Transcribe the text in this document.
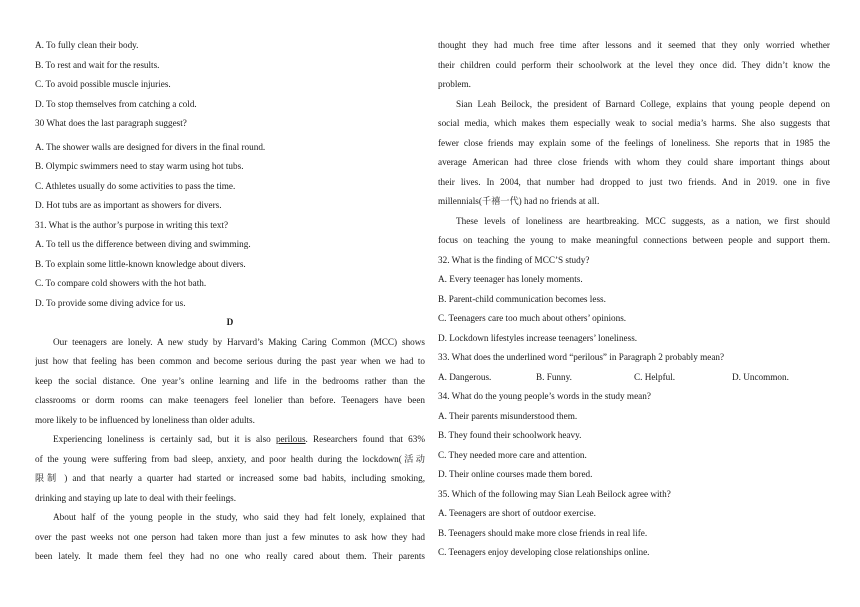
A. To fully clean their body.
B. To rest and wait for the results.
C. To avoid possible muscle injuries.
D. To stop themselves from catching a cold.
30 What does the last paragraph suggest?
A. The shower walls are designed for divers in the final round.
B. Olympic swimmers need to stay warm using hot tubs.
C. Athletes usually do some activities to pass the time.
D. Hot tubs are as important as showers for divers.
31. What is the author’s purpose in writing this text?
A. To tell us the difference between diving and swimming.
B. To explain some little-known knowledge about divers.
C. To compare cold showers with the hot bath.
D. To provide some diving advice for us.
D
Our teenagers are lonely. A new study by Harvard’s Making Caring Common (MCC) shows
just how that feeling has been common and become serious during the past year when we had to
keep the social distance. One year’s online learning and life in the bedrooms rather than the
classrooms or dorm rooms can make teenagers feel lonelier than before. Teenagers have been
more likely to be influenced by loneliness than older adults.
Experiencing loneliness is certainly sad, but it is also perilous. Researchers found that 63%
of the young were suffering from bad sleep, anxiety, and poor health during the lockdown(活动
限制 ) and that nearly a quarter had started or increased some bad habits, including smoking,
drinking and staying up late to deal with their feelings.
About half of the young people in the study, who said they had felt lonely, explained that
over the past weeks not one person had taken more than just a few minutes to ask how they had
been lately. It made them feel they had no one who really cared about them. Their parents
thought they had much free time after lessons and it seemed that they only worried whether
their children could perform their schoolwork at the level they once did. They didn’t know the
problem.
Sian Leah Beilock, the president of Barnard College, explains that young people depend on
social media, which makes them especially weak to social media’s harms. She also suggests that
fewer close friends may explain some of the feelings of loneliness. She reports that in 1985 the
average American had three close friends with whom they could share important things about
their lives. In 2004, that number had dropped to just two friends. And in 2019. one in five
millennials(千禧一代) had no friends at all.
These levels of loneliness are heartbreaking. MCC suggests, as a nation, we first should
focus on teaching the young to make meaningful connections between people and support them.
32. What is the finding of MCC’S study?
A. Every teenager has lonely moments.
B. Parent-child communication becomes less.
C. Teenagers care too much about others’ opinions.
D. Lockdown lifestyles increase teenagers’ loneliness.
33. What does the underlined word “perilous” in Paragraph 2 probably mean?
A. Dangerous.	B. Funny.	C. Helpful.	D. Uncommon.
34. What do the young people’s words in the study mean?
A. Their parents misunderstood them.
B. They found their schoolwork heavy.
C. They needed more care and attention.
D. Their online courses made them bored.
35. Which of the following may Sian Leah Beilock agree with?
A. Teenagers are short of outdoor exercise.
B. Teenagers should make more close friends in real life.
C. Teenagers enjoy developing close relationships online.
